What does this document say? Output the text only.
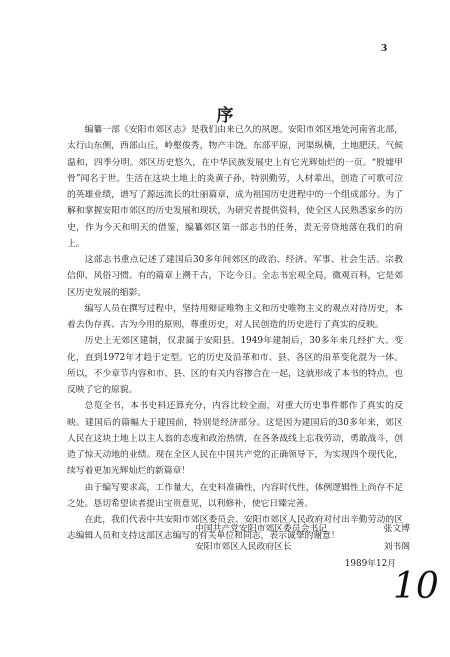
3
序

编纂一部《安阳市郊区志》是我们由来已久的夙愿。安阳市郊区地处河南省北部，太行山东侧，西部山丘，岭壑俊秀，物产丰饶。东部平原，河渠纵横，土地肥沃。气候温和，四季分明。郊区历史悠久，在中华民族发展史上有它光辉灿烂的一页。“殷墟甲骨”闻名于世。生活在这块土地上的炎黄子孙，特别勤劳，人材辈出，创造了可歌可泣的英雄业绩，谱写了源远流长的壮丽篇章，成为祖国历史进程中的一个组成部分。为了解和掌握安阳市郊区的历史发展和现状，为研究者提供资料，使全区人民熟悉家乡的历史，作为今天和明天的借鉴，编纂郊区第一部志书的任务，责无旁贷地落在我们的肩上。

这部志书重点记述了建国后30多年间郊区的政治、经济、军事、社会生活、宗教信仰、风俗习惯。有的篇章上溯千古，下讫今日。全志书宏观全局，微观百科，它是郊区历史发展的缩影。

编写人员在撰写过程中，坚持用辩证唯物主义和历史唯物主义的观点对待历史，本着去伪存真、古为今用的原则，尊重历史，对人民创造的历史进行了真实的反映。

历史上无郊区建制，仅隶属于安阳县。1949年建制后，30多年来几经扩大、变化，直到1972年才趋于定型。它的历史及沿革和市、县、各区的沿革变化混为一体。所以，不少章节内容和市、县、区的有关内容掺合在一起，这就形成了本书的特点，也反映了它的原貌。

总览全书，本书史料还算充分，内容比较全面，对重大历史事件都作了真实的反映。建国后的篇幅大于建国前，特别是经济部分。这是因为建国后的30多年来，郊区人民在这块土地上以主人翁的态度和政治热情，在各条战线上忘我劳动，勇敢战斗，创造了惊天动地的业绩。现在全区人民在中国共产党的正确领导下，为实现四个现代化，续写着更加光辉灿烂的新篇章！

由于编写要求高，工作量大，在史料准确性，内容时代性，体例逻辑性上尚存不足之处。恳切希望读者提出宝贵意见，以利修补，使它日臻完善。

在此，我们代表中共安阳市郊区委员会、安阳市郊区人民政府对付出辛勤劳动的区志编辑人员和支持这部区志编写的有关单位和同志，表示诚挚的谢意！

中国共产党安阳市郊区委员会书记	张文博
安阳市郊区人民政府区长	刘书阁
1989年12月
10
